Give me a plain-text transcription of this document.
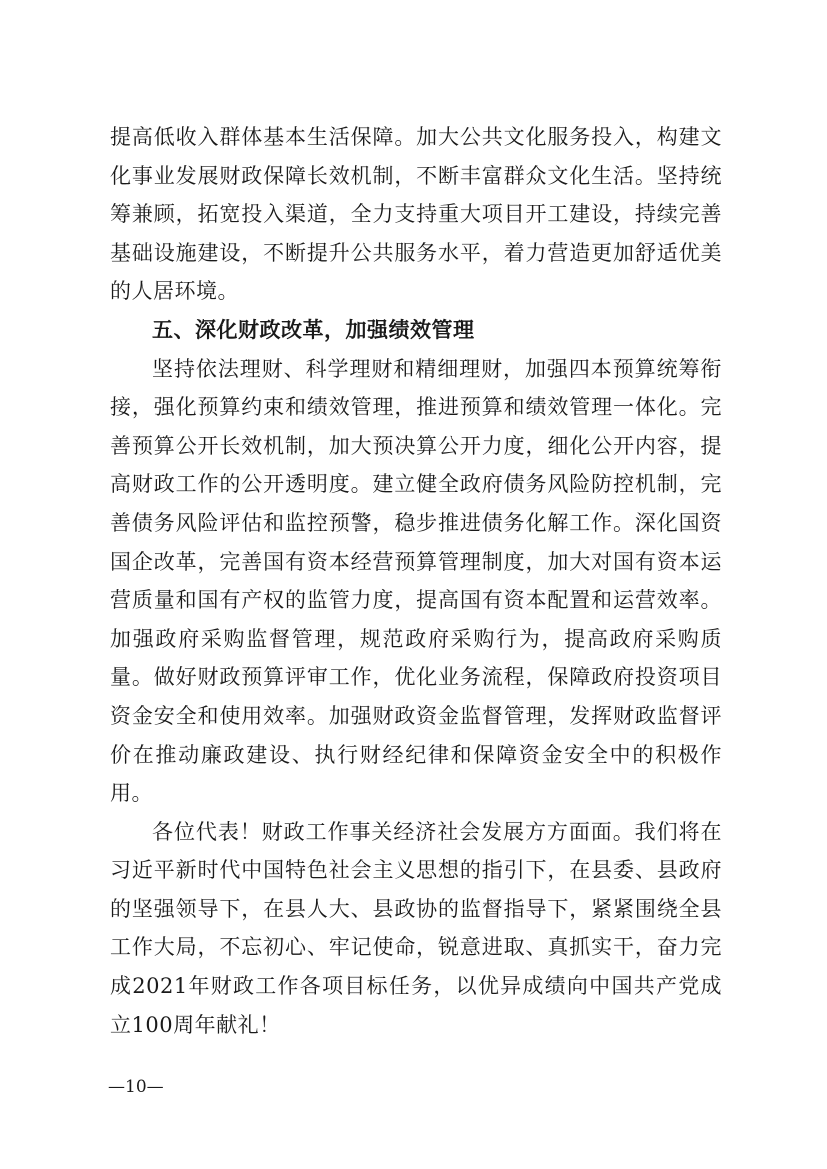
提高低收入群体基本生活保障。加大公共文化服务投入，构建文化事业发展财政保障长效机制，不断丰富群众文化生活。坚持统筹兼顾，拓宽投入渠道，全力支持重大项目开工建设，持续完善基础设施建设，不断提升公共服务水平，着力营造更加舒适优美的人居环境。

五、深化财政改革，加强绩效管理

坚持依法理财、科学理财和精细理财，加强四本预算统筹衔接，强化预算约束和绩效管理，推进预算和绩效管理一体化。完善预算公开长效机制，加大预决算公开力度，细化公开内容，提高财政工作的公开透明度。建立健全政府债务风险防控机制，完善债务风险评估和监控预警，稳步推进债务化解工作。深化国资国企改革，完善国有资本经营预算管理制度，加大对国有资本运营质量和国有产权的监管力度，提高国有资本配置和运营效率。加强政府采购监督管理，规范政府采购行为，提高政府采购质量。做好财政预算评审工作，优化业务流程，保障政府投资项目资金安全和使用效率。加强财政资金监督管理，发挥财政监督评价在推动廉政建设、执行财经纪律和保障资金安全中的积极作用。

各位代表！财政工作事关经济社会发展方方面面。我们将在习近平新时代中国特色社会主义思想的指引下，在县委、县政府的坚强领导下，在县人大、县政协的监督指导下，紧紧围绕全县工作大局，不忘初心、牢记使命，锐意进取、真抓实干，奋力完成2021年财政工作各项目标任务，以优异成绩向中国共产党成立100周年献礼！

—10—
